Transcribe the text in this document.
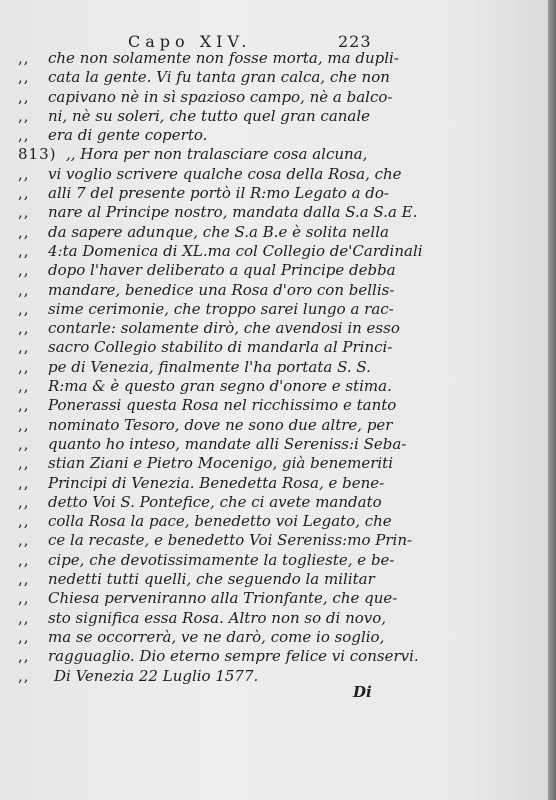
Capo XIV.	223
,,	che non solamente non fosse morta, ma dupli-
,,	cata la gente. Vi fu tanta gran calca, che non
,,	capivano nè in sì spazioso campo, nè a balco-
,,	ni, nè su soleri, che tutto quel gran canale
,,	era di gente coperto.
813) ,, Hora per non tralasciare cosa alcuna,
,,	vi voglio scrivere qualche cosa della Rosa, che
,,	alli 7 del presente portò il R:mo Legato a do-
,,	nare al Principe nostro, mandata dalla S.a S.a E.
,,	da sapere adunque, che S.a B.e è solita nella
,,	4:ta Domenica di XL.ma col Collegio de'Cardinali
,,	dopo l'haver deliberato a qual Principe debba
,,	mandare, benedice una Rosa d'oro con bellis-
,,	sime cerimonie, che troppo sarei lungo a rac-
,,	contarle: solamente dirò, che avendosi in esso
,,	sacro Collegio stabilito di mandarla al Princi-
,,	pe di Venezia, finalmente l'ha portata S. S.
,,	R:ma & è questo gran segno d'onore e stima.
,,	Ponerassi questa Rosa nel ricchissimo e tanto
,,	nominato Tesoro, dove ne sono due altre, per
,,	quanto ho inteso, mandate alli Sereniss:i Seba-
,,	stian Ziani e Pietro Mocenigo, già benemeriti
,,	Principi di Venezia. Benedetta Rosa, e bene-
,,	detto Voi S. Pontefice, che ci avete mandato
,,	colla Rosa la pace, benedetto voi Legato, che
,,	ce la recaste, e benedetto Voi Sereniss:mo Prin-
,,	cipe, che devotissimamente la toglieste, e be-
,,	nedetti tutti quelli, che seguendo la militar
,,	Chiesa perveniranno alla Trionfante, che que-
,,	sto significa essa Rosa. Altro non so di novo,
,,	ma se occorrerà, ve ne darò, come io soglio,
,,	ragguaglio. Dio eterno sempre felice vi conservi.
,,	Di Venezia 22 Luglio 1577.
Di
